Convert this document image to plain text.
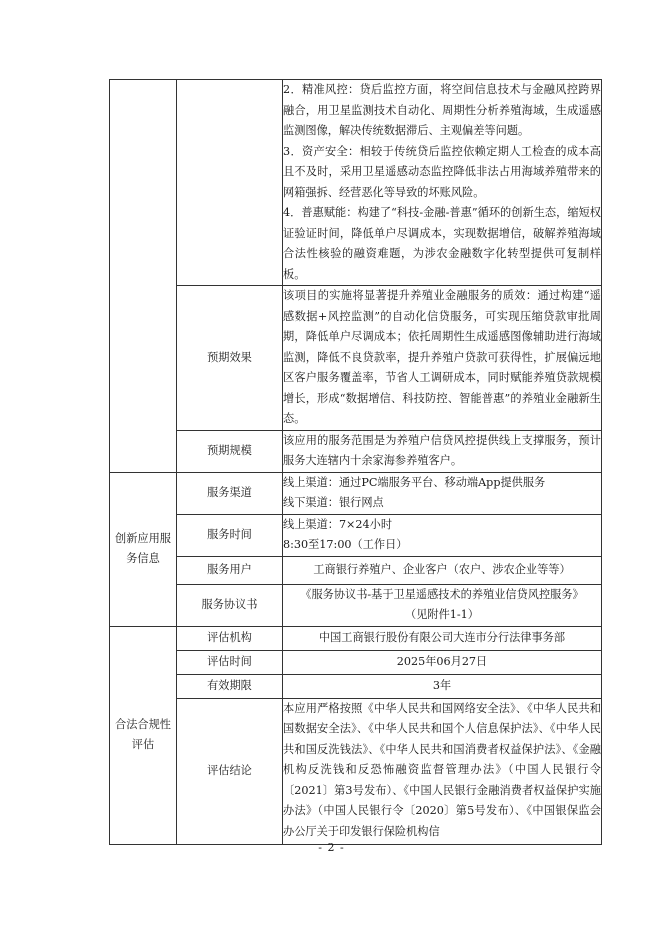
		2．精准风控：贷后监控方面，将空间信息技术与金融风控跨界融合，用卫星监测技术自动化、周期性分析养殖海域，生成遥感监测图像，解决传统数据滞后、主观偏差等问题。
3．资产安全：相较于传统贷后监控依赖定期人工检查的成本高且不及时，采用卫星遥感动态监控降低非法占用海域养殖带来的网箱强拆、经营恶化等导致的坏账风险。
4．普惠赋能：构建了“科技-金融-普惠”循环的创新生态，缩短权证验证时间，降低单户尽调成本，实现数据增信，破解养殖海域合法性核验的融资难题，为涉农金融数字化转型提供可复制样板。

	预期效果	该项目的实施将显著提升养殖业金融服务的质效：通过构建“遥感数据+风控监测”的自动化信贷服务，可实现压缩贷款审批周期，降低单户尽调成本；依托周期性生成遥感图像辅助进行海域监测，降低不良贷款率，提升养殖户贷款可获得性，扩展偏远地区客户服务覆盖率，节省人工调研成本，同时赋能养殖贷款规模增长，形成“数据增信、科技防控、智能普惠”的养殖业金融新生态。
	预期规模	该应用的服务范围是为养殖户信贷风控提供线上支撑服务，预计服务大连辖内十余家海参养殖客户。
创新应用服务信息	服务渠道	线上渠道：通过PC端服务平台、移动端App提供服务
线下渠道：银行网点

	服务时间	线上渠道：7×24小时
8:30至17:00（工作日）

	服务用户	工商银行养殖户、企业客户（农户、涉农企业等等）
	服务协议书	《服务协议书-基于卫星遥感技术的养殖业信贷风控服务》
（见附件1-1）

合法合规性评估	评估机构	中国工商银行股份有限公司大连市分行法律事务部
	评估时间	2025年06月27日
	有效期限	3年
	评估结论	本应用严格按照《中华人民共和国网络安全法》、《中华人民共和国数据安全法》、《中华人民共和国个人信息保护法》、《中华人民共和国反洗钱法》、《中华人民共和国消费者权益保护法》、《金融机构反洗钱和反恐怖融资监督管理办法》（中国人民银行令〔2021〕第3号发布）、《中国人民银行金融消费者权益保护实施办法》（中国人民银行令〔2020〕第5号发布）、《中国银保监会办公厅关于印发银行保险机构信
- 2 -
